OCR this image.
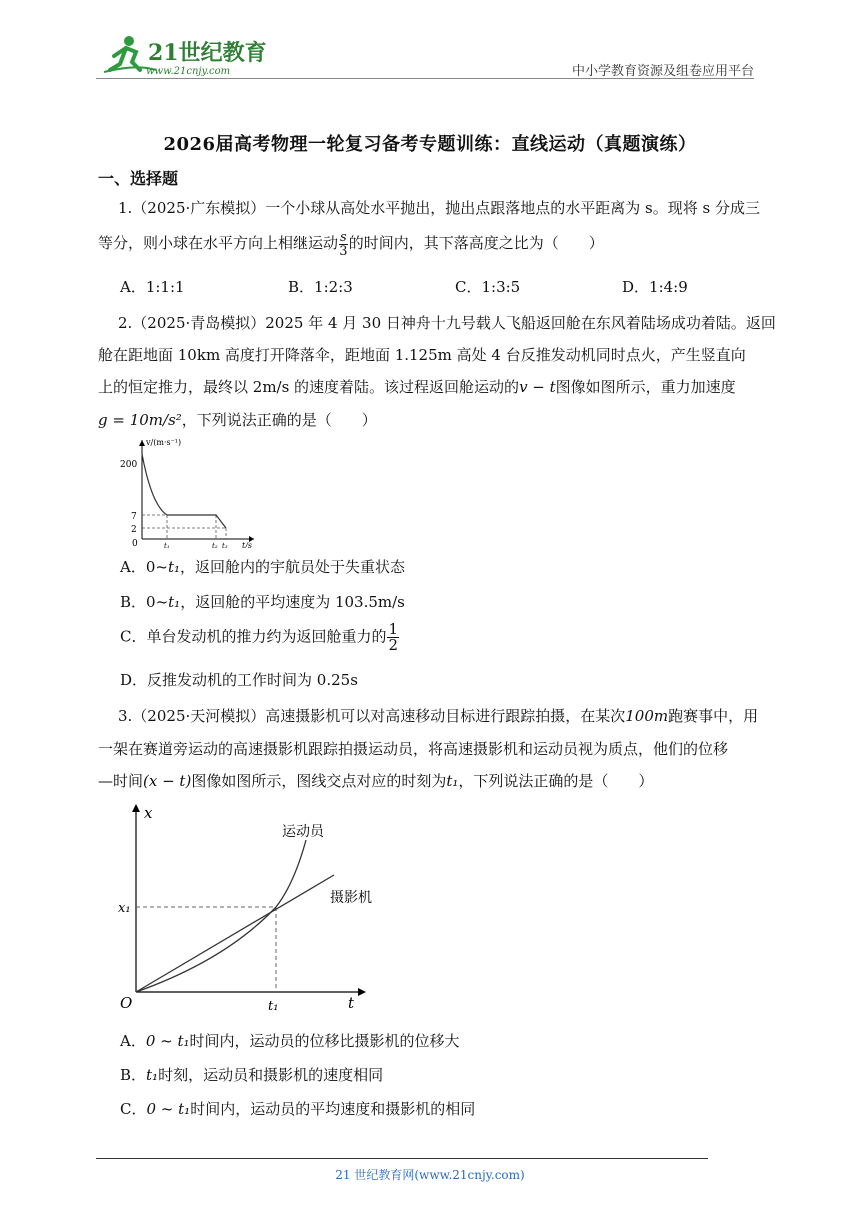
21世纪教育
www.21cnjy.com	中小学教育资源及组卷应用平台
2026届高考物理一轮复习备考专题训练：直线运动（真题演练）
一、选择题
1.（2025·广东模拟）一个小球从高处水平抛出，抛出点跟落地点的水平距离为 s。现将 s 分成三
等分，则小球在水平方向上相继运动 $\frac{s}{3}$ 的时间内，其下落高度之比为（　　）
A．1:1:1	B．1:2:3	C．1:3:5	D．1:4:9
2.（2025·青岛模拟）2025 年 4 月 30 日神舟十九号载人飞船返回舱在东风着陆场成功着陆。返回
舱在距地面 10km 高度打开降落伞，距地面 1.125m 高处 4 台反推发动机同时点火，产生竖直向
上的恒定推力，最终以 2m/s 的速度着陆。该过程返回舱运动的v − t图像如图所示，重力加速度
g = 10m/s²，下列说法正确的是（　　）
v/(m·s⁻¹)
t/s
200
7
2
0	t₁	t₂ t₃
A．0~t₁，返回舱内的宇航员处于失重状态
B．0~t₁，返回舱的平均速度为 103.5m/s
C．单台发动机的推力约为返回舱重力的 $\frac{1}{2}$
D．反推发动机的工作时间为 0.25s
3.（2025·天河模拟）高速摄影机可以对高速移动目标进行跟踪拍摄，在某次100m跑赛事中，用
一架在赛道旁运动的高速摄影机跟踪拍摄运动员，将高速摄影机和运动员视为质点，他们的位移
—时间(x − t)图像如图所示，图线交点对应的时刻为t₁，下列说法正确的是（　　）
x
t
O
x₁
t₁
运动员
摄影机
A．0 ~ t₁时间内，运动员的位移比摄影机的位移大
B．t₁时刻，运动员和摄影机的速度相同
C．0 ~ t₁时间内，运动员的平均速度和摄影机的相同
21 世纪教育网(www.21cnjy.com)
